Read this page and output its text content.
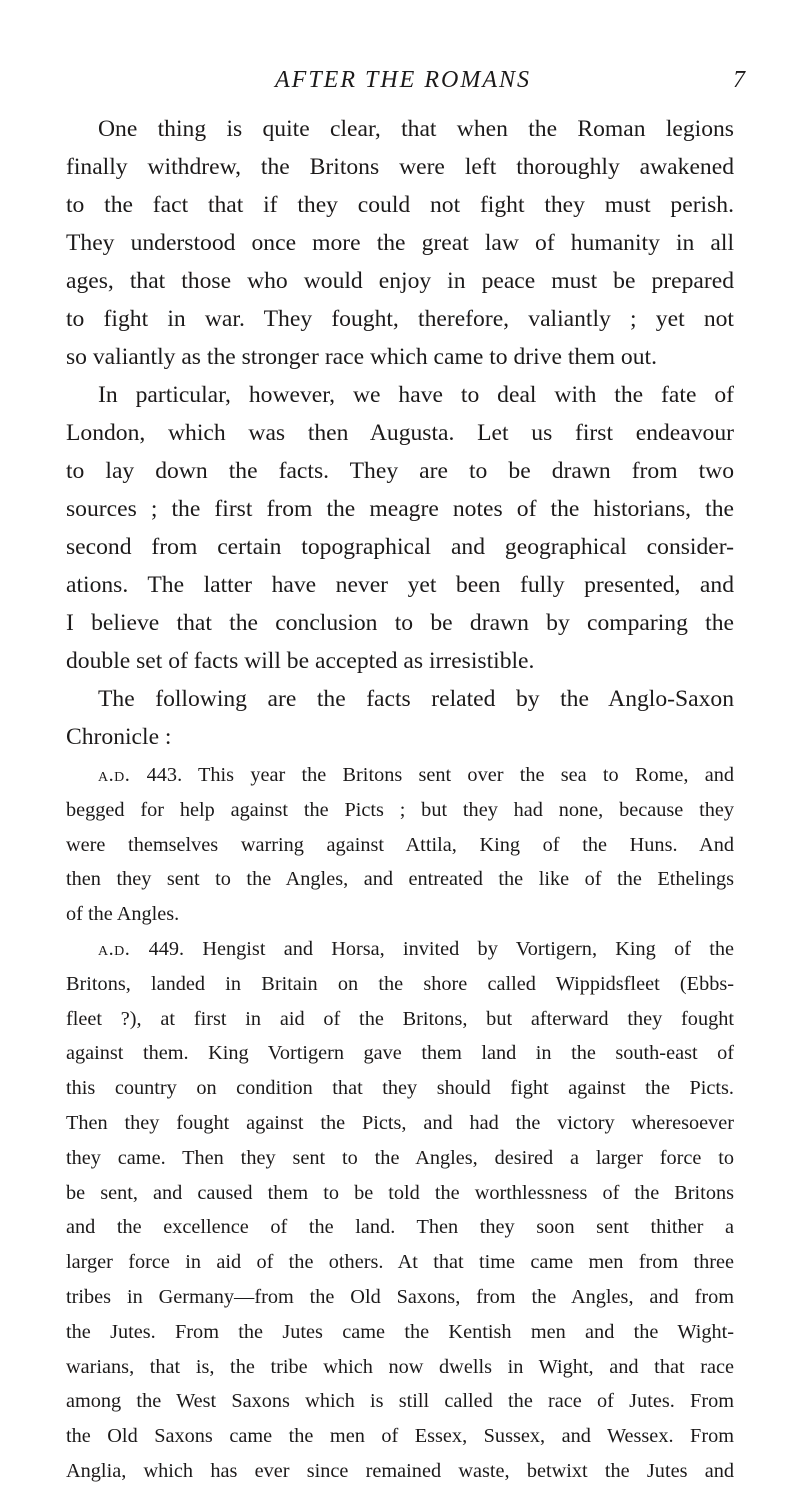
AFTER THE ROMANS	7

One thing is quite clear, that when the Roman legions

finally withdrew, the Britons were left thoroughly awakened

to the fact that if they could not fight they must perish.

They understood once more the great law of humanity in all

ages, that those who would enjoy in peace must be prepared

to fight in war. They fought, therefore, valiantly ; yet not

so valiantly as the stronger race which came to drive them out.

In particular, however, we have to deal with the fate of

London, which was then Augusta. Let us first endeavour

to lay down the facts. They are to be drawn from two

sources ; the first from the meagre notes of the historians, the

second from certain topographical and geographical consider-

ations. The latter have never yet been fully presented, and

I believe that the conclusion to be drawn by comparing the

double set of facts will be accepted as irresistible.

The following are the facts related by the Anglo-Saxon

Chronicle :

a.d. 443. This year the Britons sent over the sea to Rome, and

begged for help against the Picts ; but they had none, because they

were themselves warring against Attila, King of the Huns. And

then they sent to the Angles, and entreated the like of the Ethelings

of the Angles.

a.d. 449. Hengist and Horsa, invited by Vortigern, King of the

Britons, landed in Britain on the shore called Wippidsfleet (Ebbs-

fleet ?), at first in aid of the Britons, but afterward they fought

against them. King Vortigern gave them land in the south-east of

this country on condition that they should fight against the Picts.

Then they fought against the Picts, and had the victory wheresoever

they came. Then they sent to the Angles, desired a larger force to

be sent, and caused them to be told the worthlessness of the Britons

and the excellence of the land. Then they soon sent thither a

larger force in aid of the others. At that time came men from three

tribes in Germany—from the Old Saxons, from the Angles, and from

the Jutes. From the Jutes came the Kentish men and the Wight-

warians, that is, the tribe which now dwells in Wight, and that race

among the West Saxons which is still called the race of Jutes. From

the Old Saxons came the men of Essex, Sussex, and Wessex. From

Anglia, which has ever since remained waste, betwixt the Jutes and
